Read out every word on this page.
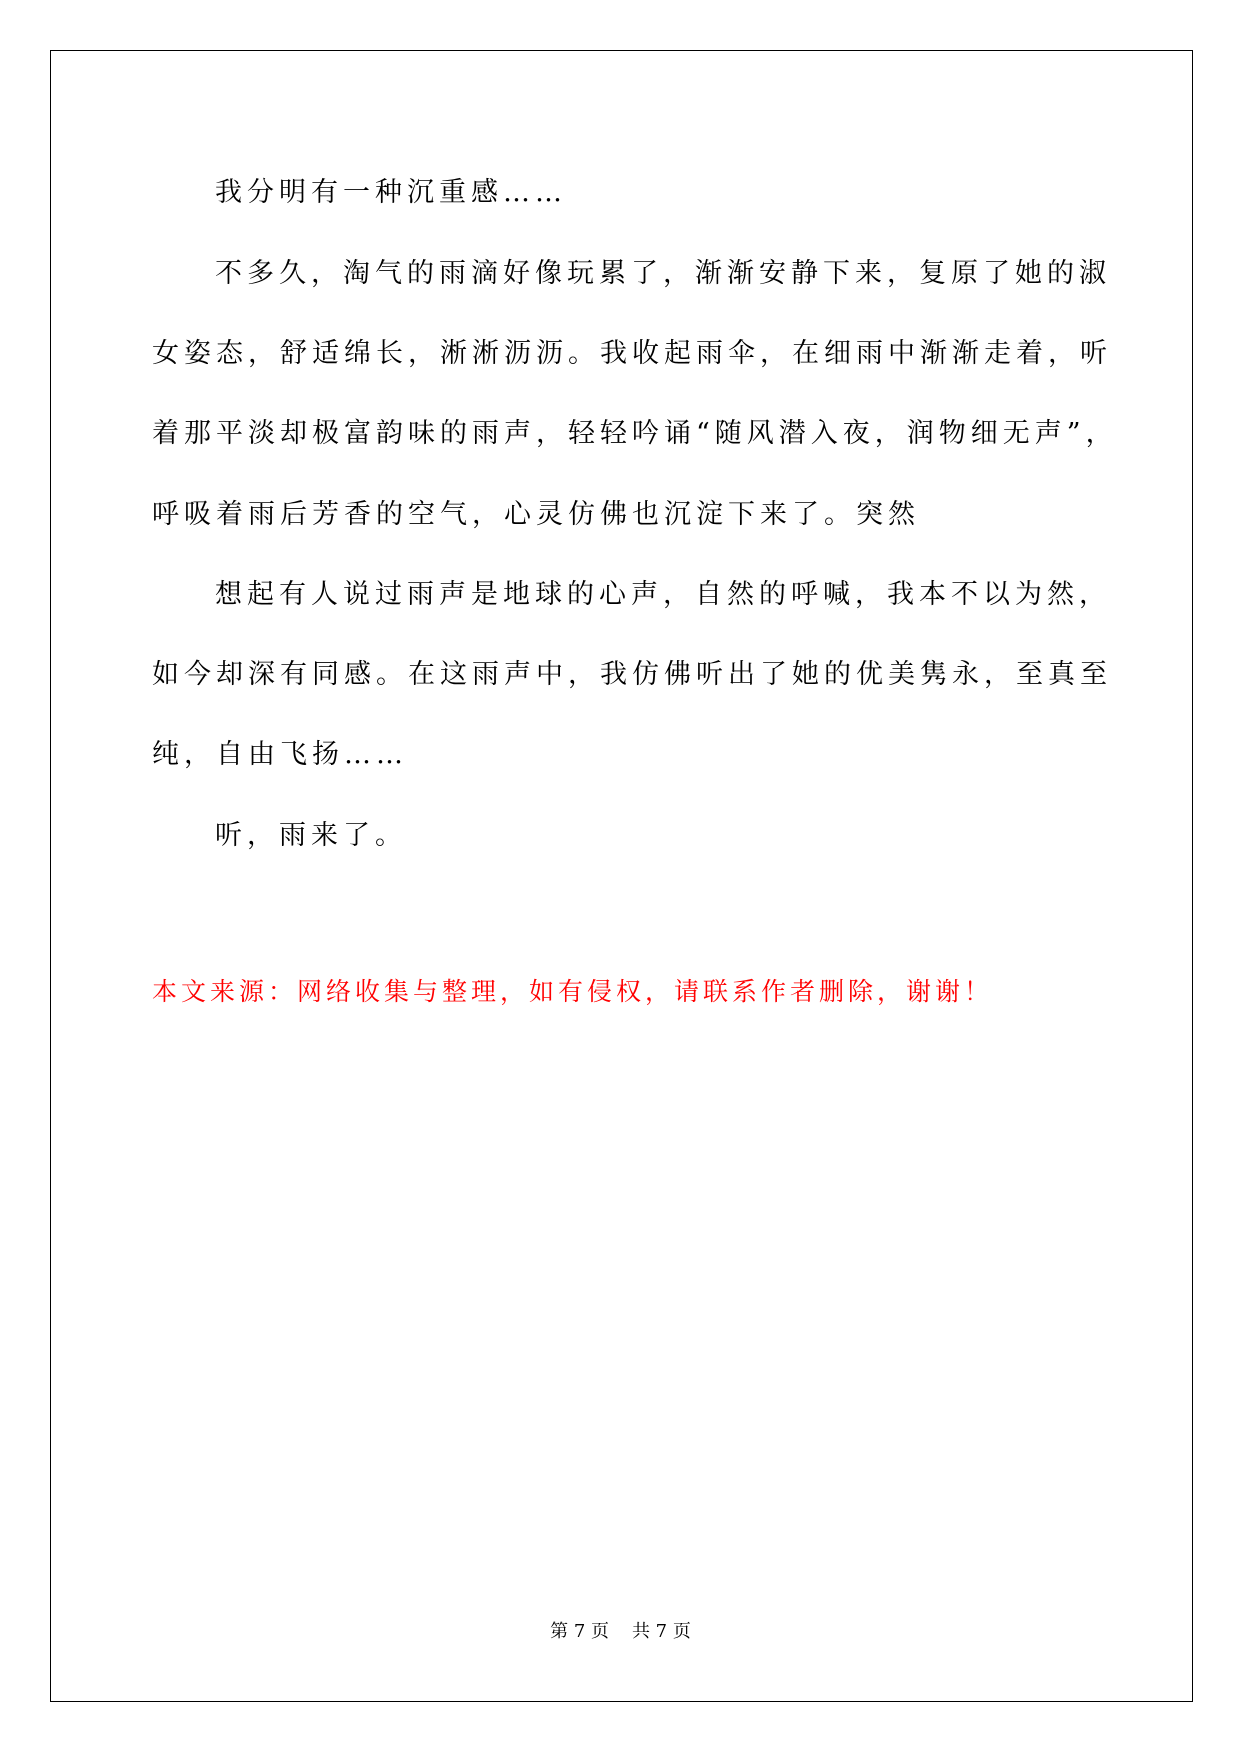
我分明有一种沉重感……
不多久，淘气的雨滴好像玩累了，渐渐安静下来，复原了她的淑
女姿态，舒适绵长，淅淅沥沥。我收起雨伞，在细雨中渐渐走着，听
着那平淡却极富韵味的雨声，轻轻吟诵“随风潜入夜，润物细无声”，
呼吸着雨后芳香的空气，心灵仿佛也沉淀下来了。突然
想起有人说过雨声是地球的心声，自然的呼喊，我本不以为然，
如今却深有同感。在这雨声中，我仿佛听出了她的优美隽永，至真至
纯，自由飞扬……
听，雨来了。
本文来源：网络收集与整理，如有侵权，请联系作者删除，谢谢！
第 7 页    共 7 页
